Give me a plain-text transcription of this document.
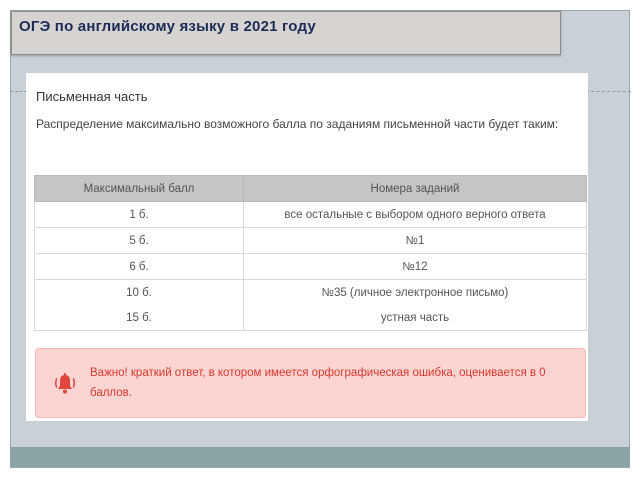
ОГЭ по английскому языку в 2021 году
Письменная часть
Распределение максимально возможного балла по заданиям письменной части будет таким:
Максимальный балл	Номера заданий
1 б.	все остальные с выбором одного верного ответа
5 б.	№1
6 б.	№12
10 б.	№35 (личное электронное письмо)
15 б.	устная часть
Важно! краткий ответ, в котором имеется орфографическая ошибка, оценивается в 0 баллов.
